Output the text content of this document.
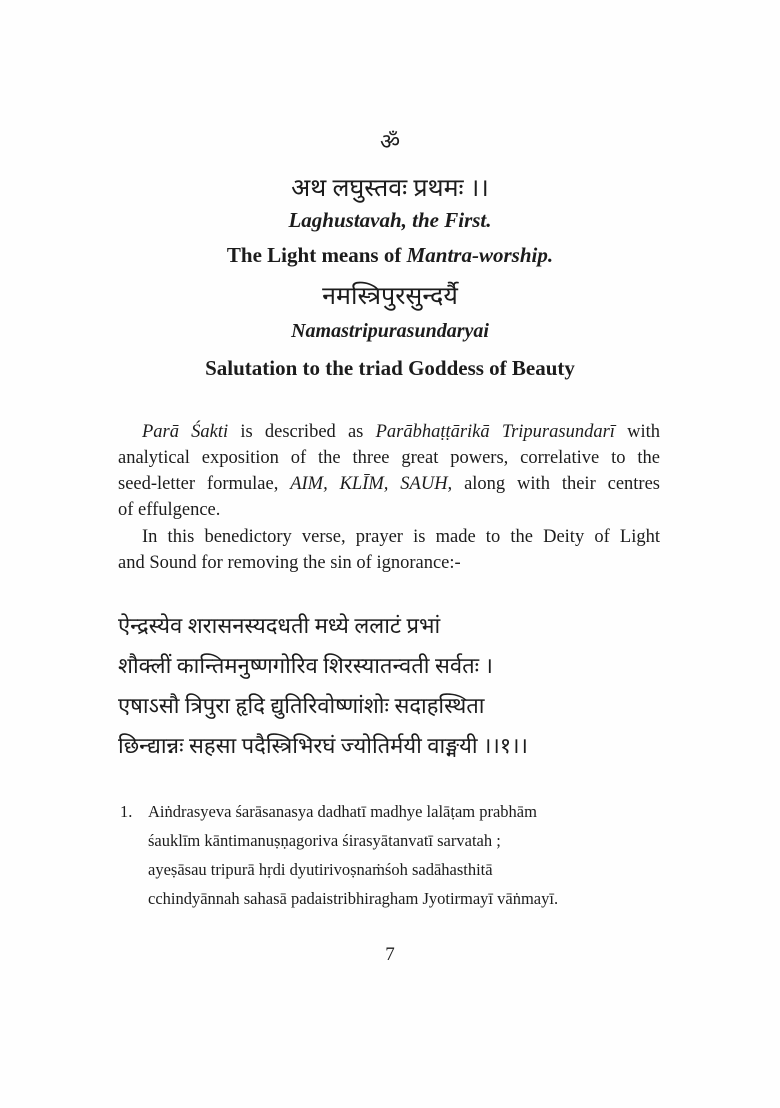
ॐ
अथ लघुस्तवः प्रथमः ।।
Laghustavah, the First.
The Light means of Mantra-worship.
नमस्त्रिपुरसुन्दर्यै
Namastripurasundaryai
Salutation to the triad Goddess of Beauty
Parā Śakti is described as Parābhaṭṭārikā Tripurasundarī with
analytical exposition of the three great powers, correlative to the
seed-letter formulae, AIM, KLĪM, SAUH, along with their centres
of effulgence.
In this benedictory verse, prayer is made to the Deity of Light
and Sound for removing the sin of ignorance:-
ऐन्द्रस्येव शरासनस्यदधती मध्ये ललाटं प्रभां
शौक्लीं कान्तिमनुष्णगोरिव शिरस्यातन्वती सर्वतः ।
एषाऽसौ त्रिपुरा हृदि द्युतिरिवोष्णांशोः सदाहस्थिता
छिन्द्यान्नः सहसा पदैस्त्रिभिरघं ज्योतिर्मयी वाङ्मयी ।।१।।
1. Aiṅdrasyeva śarāsanasya dadhatī madhye lalāṭam prabhām
śauklīm kāntimanuṣṇagoriva śirasyātanvatī sarvatah ;
ayeṣāsau tripurā hṛdi dyutirivoṣnaṁśoh sadāhasthitā
cchindyānnah sahasā padaistribhiragham Jyotirmayī vāṅmayī.
7
